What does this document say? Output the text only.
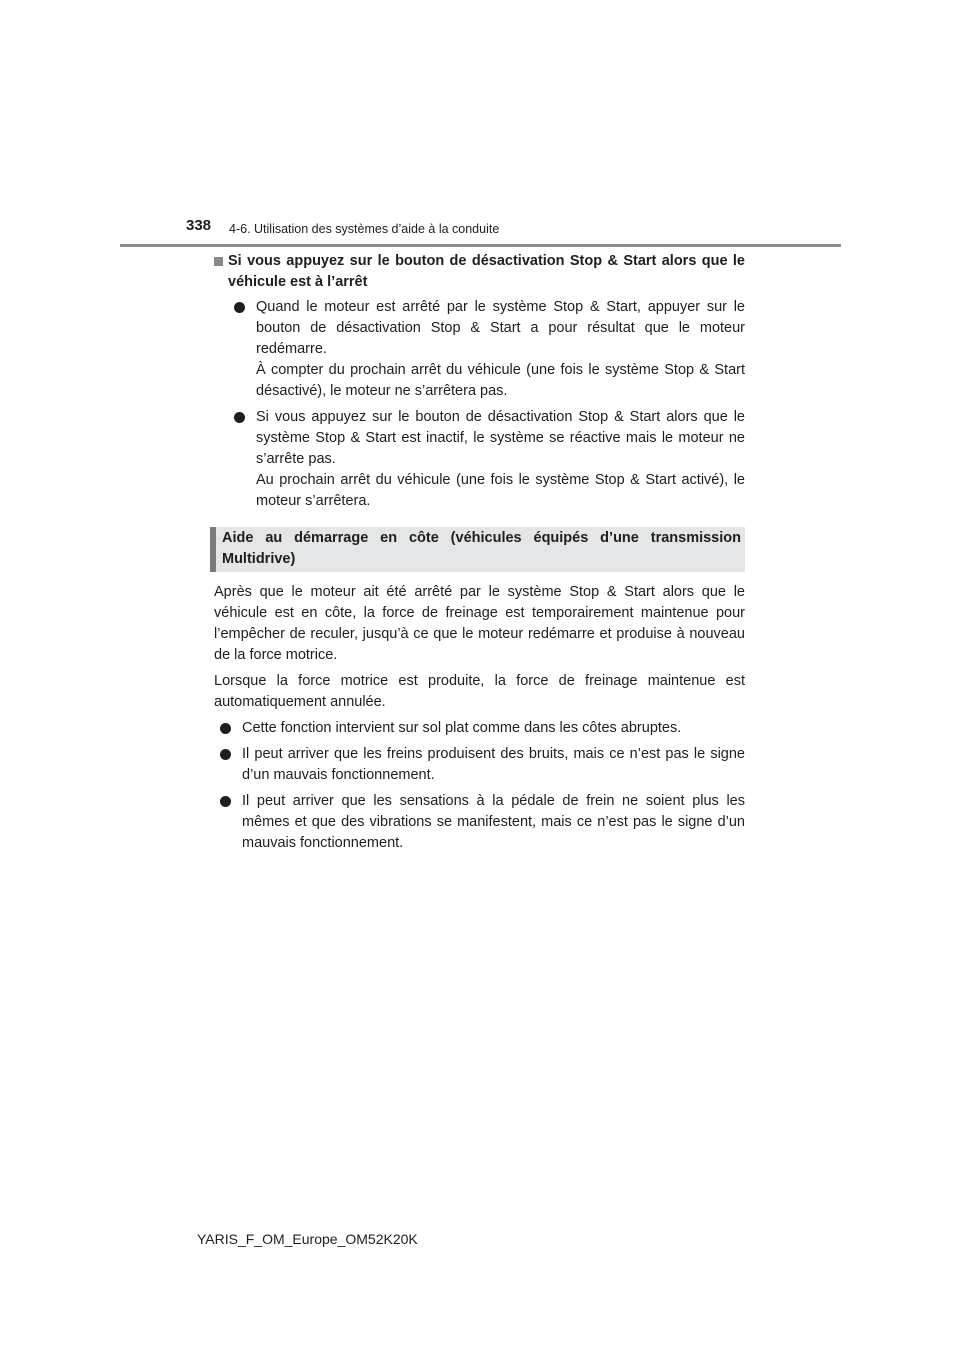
338 4-6. Utilisation des systèmes d’aide à la conduite
Si vous appuyez sur le bouton de désactivation Stop & Start alors que le véhicule est à l’arrêt

Quand le moteur est arrêté par le système Stop & Start, appuyer sur le bouton de désactivation Stop & Start a pour résultat que le moteur redémarre.

À compter du prochain arrêt du véhicule (une fois le système Stop & Start désactivé), le moteur ne s’arrêtera pas.

Si vous appuyez sur le bouton de désactivation Stop & Start alors que le système Stop & Start est inactif, le système se réactive mais le moteur ne s’arrête pas.

Au prochain arrêt du véhicule (une fois le système Stop & Start activé), le moteur s’arrêtera.

Aide au démarrage en côte (véhicules équipés d’une transmission Multidrive)

Après que le moteur ait été arrêté par le système Stop & Start alors que le véhicule est en côte, la force de freinage est temporairement maintenue pour l’empêcher de reculer, jusqu’à ce que le moteur redémarre et produise à nouveau de la force motrice.

Lorsque la force motrice est produite, la force de freinage maintenue est automatiquement annulée.

Cette fonction intervient sur sol plat comme dans les côtes abruptes.

Il peut arriver que les freins produisent des bruits, mais ce n’est pas le signe d’un mauvais fonctionnement.

Il peut arriver que les sensations à la pédale de frein ne soient plus les mêmes et que des vibrations se manifestent, mais ce n’est pas le signe d’un mauvais fonctionnement.

YARIS_F_OM_Europe_OM52K20K
